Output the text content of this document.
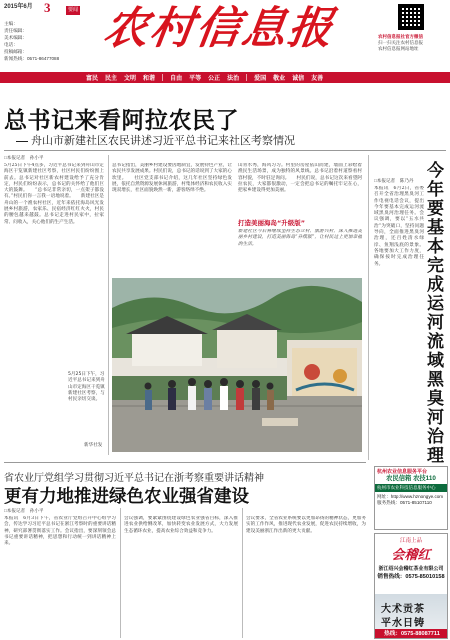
2015年6月 3	要闻
主编：
责任编辑：
美术编辑：
电话：
投稿邮箱：
新闻热线：0571-86477088
农村信息报	农村信息报社官方微信
扫一扫关注农村信息报
农村信息报网站地址
富民 民主 文明 和谐	自由 平等 公正 法治	爱国 敬业 诚信 友善
总书记来看阿拉农民了
舟山市新建社区农民讲述习近平总书记来社区考察情况
□本报记者　孙小平
5月25日下午4点多，习近平总书记来到舟山市定海区干览镇新建社区考察，社区村民们纷纷围上前去。总书记对社区新农村建设给予了充分肯定，村民们纷纷表示，总书记的关怀给了他们巨大的鼓舞。　　“总书记非常亲切，一点架子都没有。”村民们你一言我一语地说着。　　新建社区是舟山的一个渔农村社区，近年来依托海岛风光发展乡村旅游，农家乐、民宿经济红红火火，村民的腰包越来越鼓。总书记走进村民家中，拉家常、问收入，关心他们的生产生活。
总书记指出，美丽乡村建设要因地制宜，发展特色产业，让农民共享发展成果。村民们说，总书记的话说到了大家的心坎里。　　社区党支部书记介绍，这几年社区坚持绿色发展，依托自然资源发展休闲旅游，村集体经济和农民收入实现双增长，社区面貌焕然一新，游客络绎不绝。
山青水秀，海风习习。村里的房屋依山而建，墙面上彩绘着渔民生活场景，成为独特的风景线。总书记沿着村道察看村容村貌，不时驻足询问。　　村民们说，总书记这次来看望阿拉农民，大家都很激动，一定会把总书记的嘱托牢记在心，把家乡建设得更加美丽。
打造美丽海岛“升级版”
新建社区今后将继续坚持生态立村、旅游兴村，深入推进美丽乡村建设，打造美丽海岛“升级版”，让村民过上更加幸福的生活。
5月25日下午，习近平总书记来到舟山市定海区干览镇新建社区考察，与村民亲切交谈。
新华社发
□本报记者　陈乃丹
本报讯　6月2日，省委召开全省治理黑臭河工作电视电话会议，提出今年要基本完成运河流域黑臭河治理任务。会议强调，要以“五水共治”为突破口，坚持问题导向，全面推进黑臭河治理，还百姓清水绿岸、鱼翔浅底的景象。各地要加大工作力度，确保按时完成治理任务。
今年要基本完成运河流域黑臭河治理
省农业厅党组学习贯彻习近平总书记在浙考察重要讲话精神
更有力地推进绿色农业强省建设
□本报记者　孙小平
本报讯　6月3日下午，省农业厅党组召开中心组学习会，传达学习习近平总书记在浙江考察时的重要讲话精神，研究部署贯彻落实工作。会议指出，要深刻领会总书记重要讲话精神，把思想和行动统一到讲话精神上来。
会议强调，要紧紧围绕建设绿色农业强省目标，深入推进农业供给侧改革，加快转变农业发展方式，大力发展生态循环农业，提高农业综合效益和竞争力。
会议要求，全省农业系统要以更加昂扬的精神状态，更加务实的工作作风，推进现代农业发展，促进农民持续增收，为建设美丽浙江作出新的更大贡献。
杭州农业信息服务平台
农民信箱 农技110
杭州市农业科技信息服务中心
网址：http://www.hznongye.com
服务热线：0571-85107110
江南上品
会稽红
浙江绍兴会稽红茶业有限公司
销售热线：0575-85010158
大术贡茶
平水日铸
热线：0575-88087711
